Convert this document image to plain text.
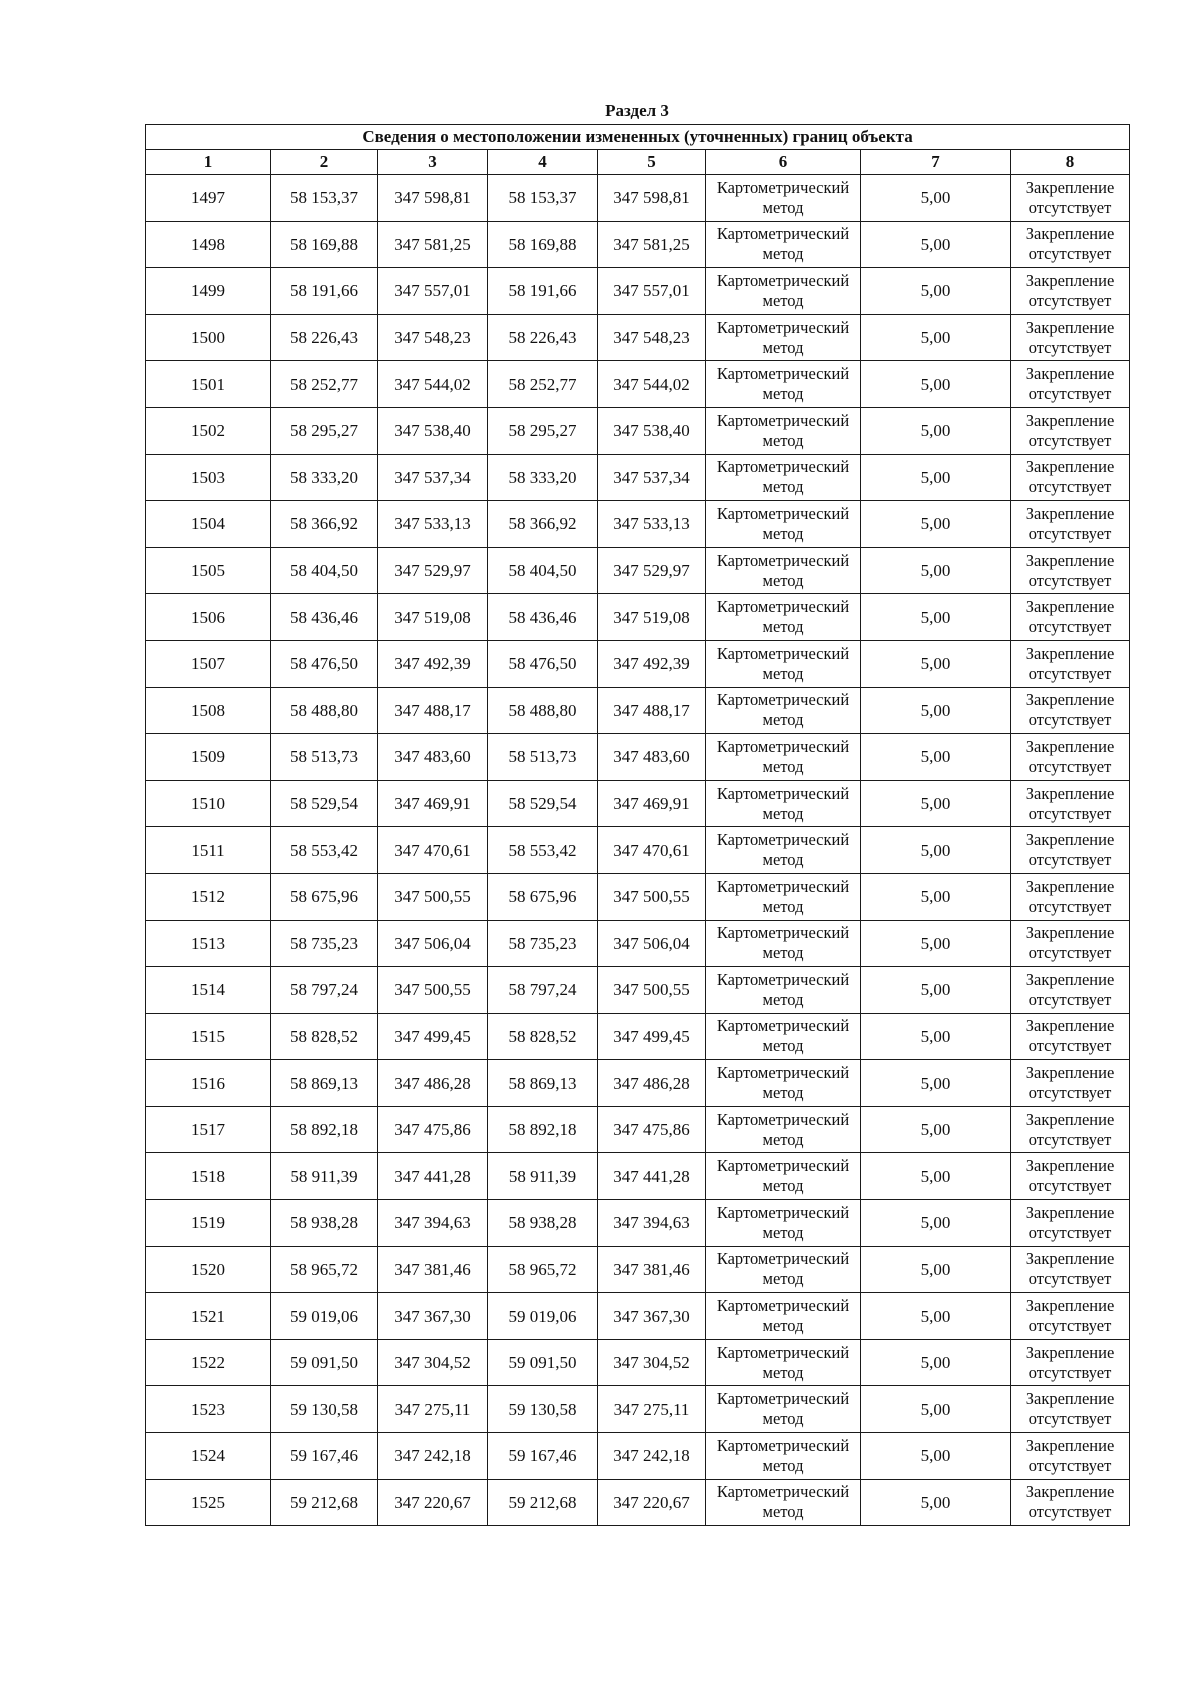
Раздел 3
Сведения о местоположении измененных (уточненных) границ объекта							
1	2	3	4	5	6	7	8
1497	58 153,37	347 598,81	58 153,37	347 598,81	Картометрический метод	5,00	Закрепление отсутствует
1498	58 169,88	347 581,25	58 169,88	347 581,25	Картометрический метод	5,00	Закрепление отсутствует
1499	58 191,66	347 557,01	58 191,66	347 557,01	Картометрический метод	5,00	Закрепление отсутствует
1500	58 226,43	347 548,23	58 226,43	347 548,23	Картометрический метод	5,00	Закрепление отсутствует
1501	58 252,77	347 544,02	58 252,77	347 544,02	Картометрический метод	5,00	Закрепление отсутствует
1502	58 295,27	347 538,40	58 295,27	347 538,40	Картометрический метод	5,00	Закрепление отсутствует
1503	58 333,20	347 537,34	58 333,20	347 537,34	Картометрический метод	5,00	Закрепление отсутствует
1504	58 366,92	347 533,13	58 366,92	347 533,13	Картометрический метод	5,00	Закрепление отсутствует
1505	58 404,50	347 529,97	58 404,50	347 529,97	Картометрический метод	5,00	Закрепление отсутствует
1506	58 436,46	347 519,08	58 436,46	347 519,08	Картометрический метод	5,00	Закрепление отсутствует
1507	58 476,50	347 492,39	58 476,50	347 492,39	Картометрический метод	5,00	Закрепление отсутствует
1508	58 488,80	347 488,17	58 488,80	347 488,17	Картометрический метод	5,00	Закрепление отсутствует
1509	58 513,73	347 483,60	58 513,73	347 483,60	Картометрический метод	5,00	Закрепление отсутствует
1510	58 529,54	347 469,91	58 529,54	347 469,91	Картометрический метод	5,00	Закрепление отсутствует
1511	58 553,42	347 470,61	58 553,42	347 470,61	Картометрический метод	5,00	Закрепление отсутствует
1512	58 675,96	347 500,55	58 675,96	347 500,55	Картометрический метод	5,00	Закрепление отсутствует
1513	58 735,23	347 506,04	58 735,23	347 506,04	Картометрический метод	5,00	Закрепление отсутствует
1514	58 797,24	347 500,55	58 797,24	347 500,55	Картометрический метод	5,00	Закрепление отсутствует
1515	58 828,52	347 499,45	58 828,52	347 499,45	Картометрический метод	5,00	Закрепление отсутствует
1516	58 869,13	347 486,28	58 869,13	347 486,28	Картометрический метод	5,00	Закрепление отсутствует
1517	58 892,18	347 475,86	58 892,18	347 475,86	Картометрический метод	5,00	Закрепление отсутствует
1518	58 911,39	347 441,28	58 911,39	347 441,28	Картометрический метод	5,00	Закрепление отсутствует
1519	58 938,28	347 394,63	58 938,28	347 394,63	Картометрический метод	5,00	Закрепление отсутствует
1520	58 965,72	347 381,46	58 965,72	347 381,46	Картометрический метод	5,00	Закрепление отсутствует
1521	59 019,06	347 367,30	59 019,06	347 367,30	Картометрический метод	5,00	Закрепление отсутствует
1522	59 091,50	347 304,52	59 091,50	347 304,52	Картометрический метод	5,00	Закрепление отсутствует
1523	59 130,58	347 275,11	59 130,58	347 275,11	Картометрический метод	5,00	Закрепление отсутствует
1524	59 167,46	347 242,18	59 167,46	347 242,18	Картометрический метод	5,00	Закрепление отсутствует
1525	59 212,68	347 220,67	59 212,68	347 220,67	Картометрический метод	5,00	Закрепление отсутствует
